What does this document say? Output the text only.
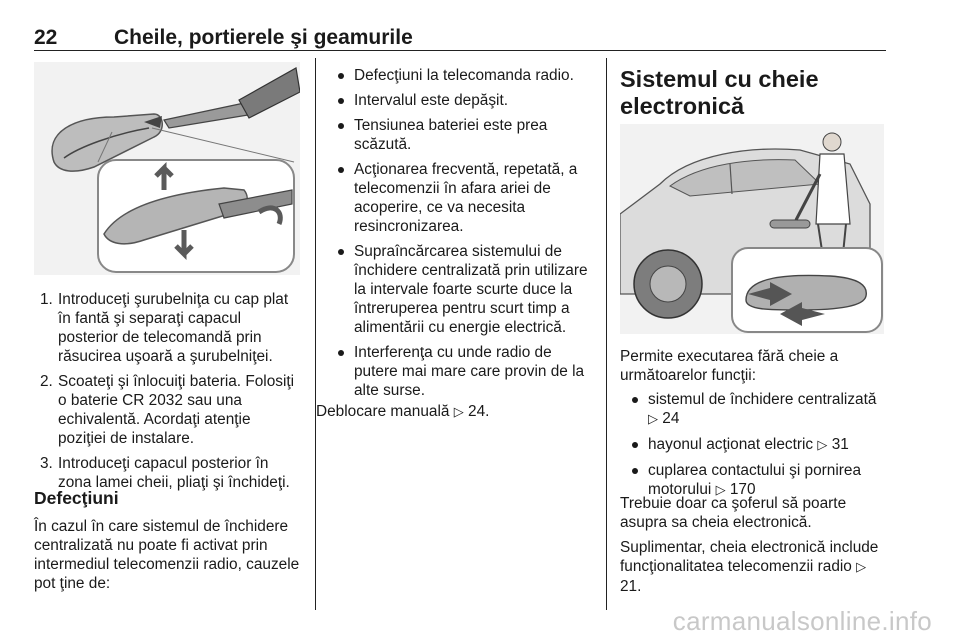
22	Cheile, portierele şi geamurile
1. Introduceţi şurubelniţa cu cap plat în fantă şi separaţi capacul posterior de telecomandă prin răsucirea uşoară a şurubelniţei.
2. Scoateţi şi înlocuiţi bateria. Folosiţi o baterie CR 2032 sau una echivalentă. Acordaţi atenţie poziţiei de instalare.
3. Introduceţi capacul posterior în zona lamei cheii, pliaţi şi închideţi.
Defecţiuni
În cazul în care sistemul de închidere centralizată nu poate fi activat prin intermediul telecomenzii radio, cauzele pot ţine de:
Defecţiuni la telecomanda radio.
Intervalul este depăşit.
Tensiunea bateriei este prea scăzută.
Acţionarea frecventă, repetată, a telecomenzii în afara ariei de acoperire, ce va necesita resincronizarea.
Supraîncărcarea sistemului de închidere centralizată prin utilizare la intervale foarte scurte duce la întreruperea pentru scurt timp a alimentării cu energie electrică.
Interferenţa cu unde radio de putere mai mare care provin de la alte surse.
Deblocare manuală ▷ 24.
Sistemul cu cheie electronică
Permite executarea fără cheie a următoarelor funcţii:
sistemul de închidere centralizată ▷ 24
hayonul acţionat electric ▷ 31
cuplarea contactului şi pornirea motorului ▷ 170
Trebuie doar ca şoferul să poarte asupra sa cheia electronică.
Suplimentar, cheia electronică include funcţionalitatea telecomenzii radio ▷ 21.
carmanualsonline.info
